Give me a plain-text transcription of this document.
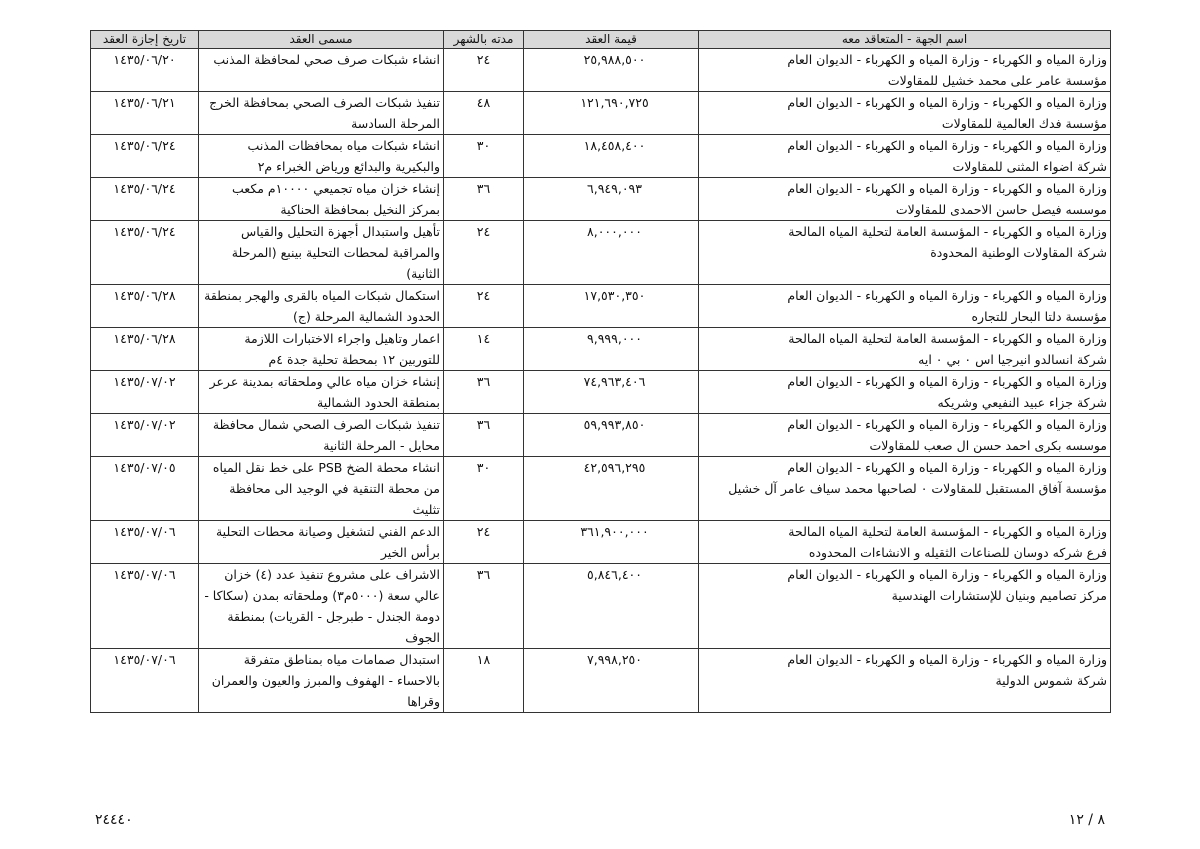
اسم الجهة - المتعاقد معه	قيمة العقد	مدته بالشهر	مسمى العقد	تاريخ إجازة العقد

وزارة المياه و الكهرباء - وزارة المياه و الكهرباء - الديوان العام
مؤسسة عامر على محمد خشيل للمقاولات	٢٥,٩٨٨,٥٠٠	٢٤	انشاء شبكات صرف صحي لمحافظة المذنب	١٤٣٥/٠٦/٢٠

وزارة المياه و الكهرباء - وزارة المياه و الكهرباء - الديوان العام
مؤسسة فدك العالمية للمقاولات	١٢١,٦٩٠,٧٢٥	٤٨	تنفيذ شبكات الصرف الصحي بمحافظة الخرج المرحلة السادسة	١٤٣٥/٠٦/٢١

وزارة المياه و الكهرباء - وزارة المياه و الكهرباء - الديوان العام
شركة اضواء المثنى للمقاولات	١٨,٤٥٨,٤٠٠	٣٠	انشاء شبكات مياه بمحافظات المذنب والبكيرية والبدائع ورياض الخبراء م٢	١٤٣٥/٠٦/٢٤

وزارة المياه و الكهرباء - وزارة المياه و الكهرباء - الديوان العام
موسسه فيصل حاسن الاحمدى للمقاولات	٦,٩٤٩,٠٩٣	٣٦	إنشاء خزان مياه تجميعي ١٠٠٠٠م مكعب بمركز النخيل بمحافظة الحناكية	١٤٣٥/٠٦/٢٤

وزارة المياه و الكهرباء - المؤسسة العامة لتحلية المياه المالحة
شركة المقاولات الوطنية المحدودة	٨,٠٠٠,٠٠٠	٢٤	تأهيل واستبدال أجهزة التحليل والقياس والمراقبة لمحطات التحلية بينبع (المرحلة الثانية)	١٤٣٥/٠٦/٢٤

وزارة المياه و الكهرباء - وزارة المياه و الكهرباء - الديوان العام
مؤسسة دلتا البحار للتجاره	١٧,٥٣٠,٣٥٠	٢٤	استكمال شبكات المياه بالقرى والهجر بمنطقة الحدود الشمالية المرحلة (ج)	١٤٣٥/٠٦/٢٨

وزارة المياه و الكهرباء - المؤسسة العامة لتحلية المياه المالحة
شركة انسالدو انيرجيا اس ٠ بي ٠ ايه	٩,٩٩٩,٠٠٠	١٤	اعمار وتاهيل واجراء الاختبارات اللازمة للتوربين ١٢ بمحطة تحلية جدة ٤م	١٤٣٥/٠٦/٢٨

وزارة المياه و الكهرباء - وزارة المياه و الكهرباء - الديوان العام
شركة جزاء عبيد النفيعي وشريكه	٧٤,٩٦٣,٤٠٦	٣٦	إنشاء خزان مياه عالي وملحقاته بمدينة عرعر بمنطقة الحدود الشمالية	١٤٣٥/٠٧/٠٢

وزارة المياه و الكهرباء - وزارة المياه و الكهرباء - الديوان العام
موسسه بكرى احمد حسن ال صعب للمقاولات	٥٩,٩٩٣,٨٥٠	٣٦	تنفيذ شبكات الصرف الصحي شمال محافظة محايل - المرحلة الثانية	١٤٣٥/٠٧/٠٢

وزارة المياه و الكهرباء - وزارة المياه و الكهرباء - الديوان العام
مؤسسة آفاق المستقبل للمقاولات ٠ لصاحبها محمد سياف عامر آل خشيل	٤٢,٥٩٦,٢٩٥	٣٠	انشاء محطة الضخ PSB على خط نقل المياه من محطة التنقية في الوجيد الى محافظة تثليث	١٤٣٥/٠٧/٠٥

وزارة المياه و الكهرباء - المؤسسة العامة لتحلية المياه المالحة
فرع شركه دوسان للصناعات الثقيله و الانشاءات المحدوده	٣٦١,٩٠٠,٠٠٠	٢٤	الدعم الفني لتشغيل وصيانة محطات التحلية برأس الخير	١٤٣٥/٠٧/٠٦

وزارة المياه و الكهرباء - وزارة المياه و الكهرباء - الديوان العام
مركز تصاميم وبنيان للإستشارات الهندسية	٥,٨٤٦,٤٠٠	٣٦	الاشراف على مشروع تنفيذ عدد (٤) خزان عالي سعة (٥٠٠٠م٣) وملحقاته بمدن (سكاكا - دومة الجندل - طبرجل - القريات) بمنطقة الجوف	١٤٣٥/٠٧/٠٦

وزارة المياه و الكهرباء - وزارة المياه و الكهرباء - الديوان العام
شركة شموس الدولية	٧,٩٩٨,٢٥٠	١٨	استبدال صمامات مياه بمناطق متفرقة بالاحساء - الهفوف والمبرز والعيون والعمران وقراها	١٤٣٥/٠٧/٠٦
٢٤٤٤٠	٨ / ١٢
